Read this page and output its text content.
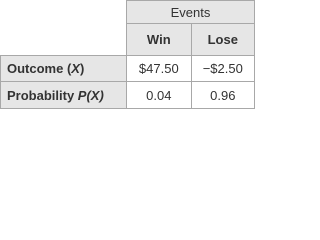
	Events	
	Win	Lose
Outcome (X)	$47.50	−$2.50
Probability P(X)	0.04	0.96
